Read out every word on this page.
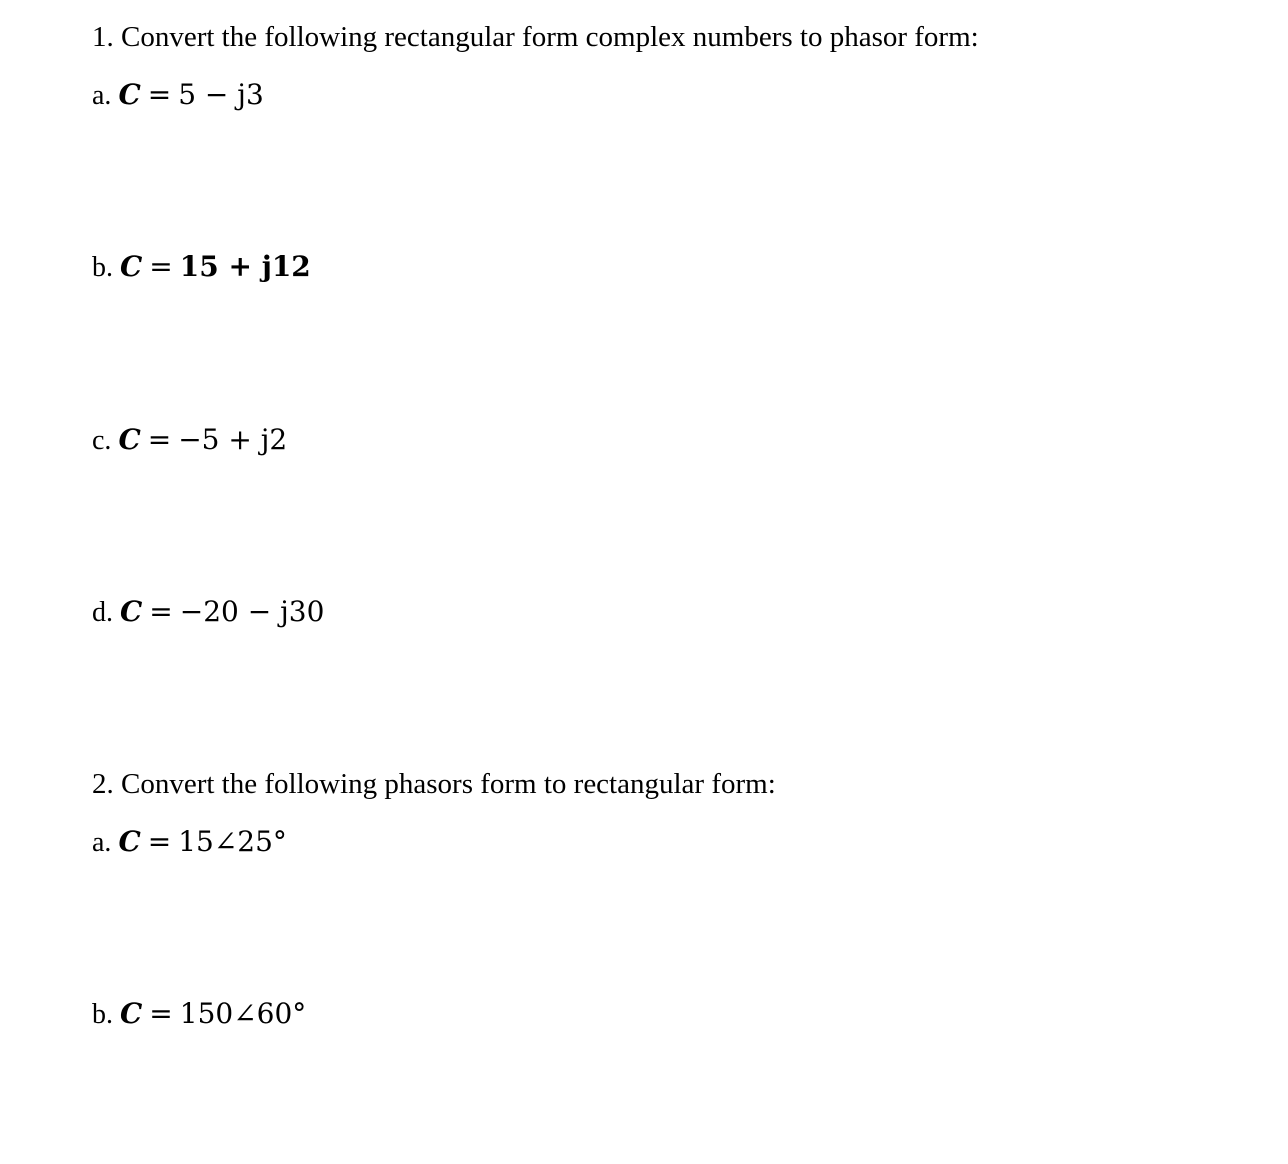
1. Convert the following rectangular form complex numbers to phasor form:
a. C = 5 − j3
b. C = 15 + j12
c. C = −5 + j2
d. C = −20 − j30
2. Convert the following phasors form to rectangular form:
a. C = 15∠25°
b. C = 150∠60°
